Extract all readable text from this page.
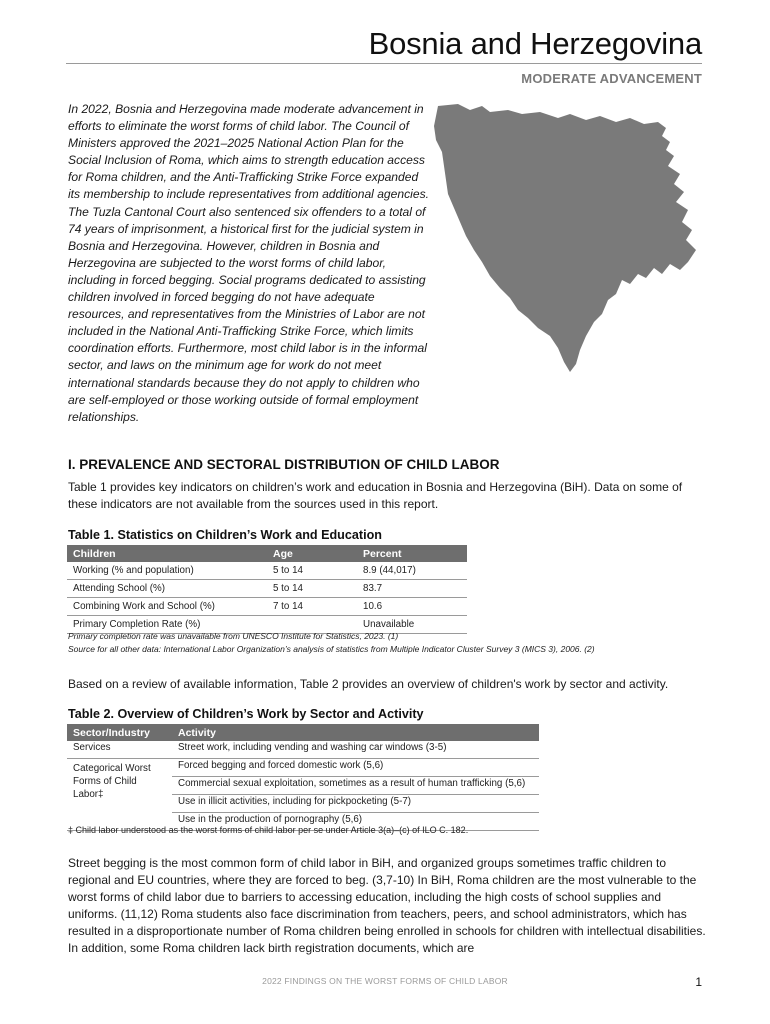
Bosnia and Herzegovina
MODERATE ADVANCEMENT
In 2022, Bosnia and Herzegovina made moderate advancement in efforts to eliminate the worst forms of child labor. The Council of Ministers approved the 2021–2025 National Action Plan for the Social Inclusion of Roma, which aims to strength education access for Roma children, and the Anti-Trafficking Strike Force expanded its membership to include representatives from additional agencies. The Tuzla Cantonal Court also sentenced six offenders to a total of 74 years of imprisonment, a historical first for the judicial system in Bosnia and Herzegovina. However, children in Bosnia and Herzegovina are subjected to the worst forms of child labor, including in forced begging. Social programs dedicated to assisting children involved in forced begging do not have adequate resources, and representatives from the Ministries of Labor are not included in the National Anti-Trafficking Strike Force, which limits coordination efforts. Furthermore, most child labor is in the informal sector, and laws on the minimum age for work do not meet international standards because they do not apply to children who are self-employed or those working outside of formal employment relationships.
I. PREVALENCE AND SECTORAL DISTRIBUTION OF CHILD LABOR
Table 1 provides key indicators on children’s work and education in Bosnia and Herzegovina (BiH). Data on some of these indicators are not available from the sources used in this report.
Table 1. Statistics on Children’s Work and Education
Children	Age	Percent
Working (% and population)	5 to 14	8.9 (44,017)
Attending School (%)	5 to 14	83.7
Combining Work and School (%)	7 to 14	10.6
Primary Completion Rate (%)		Unavailable
Primary completion rate was unavailable from UNESCO Institute for Statistics, 2023. (1)
Source for all other data: International Labor Organization’s analysis of statistics from Multiple Indicator Cluster Survey 3 (MICS 3), 2006. (2)
Based on a review of available information, Table 2 provides an overview of children's work by sector and activity.
Table 2. Overview of Children’s Work by Sector and Activity
Sector/Industry	Activity
Services	Street work, including vending and washing car windows (3-5)
Categorical Worst Forms of Child Labor‡	Forced begging and forced domestic work (5,6)
	Commercial sexual exploitation, sometimes as a result of human trafficking (5,6)
	Use in illicit activities, including for pickpocketing (5-7)
	Use in the production of pornography (5,6)
‡ Child labor understood as the worst forms of child labor per se under Article 3(a)–(c) of ILO C. 182.
Street begging is the most common form of child labor in BiH, and organized groups sometimes traffic children to regional and EU countries, where they are forced to beg. (3,7-10) In BiH, Roma children are the most vulnerable to the worst forms of child labor due to barriers to accessing education, including the high costs of school supplies and uniforms. (11,12) Roma students also face discrimination from teachers, peers, and school administrators, which has resulted in a disproportionate number of Roma children being enrolled in schools for children with intellectual disabilities. In addition, some Roma children lack birth registration documents, which are
2022 FINDINGS ON THE WORST FORMS OF CHILD LABOR	1
